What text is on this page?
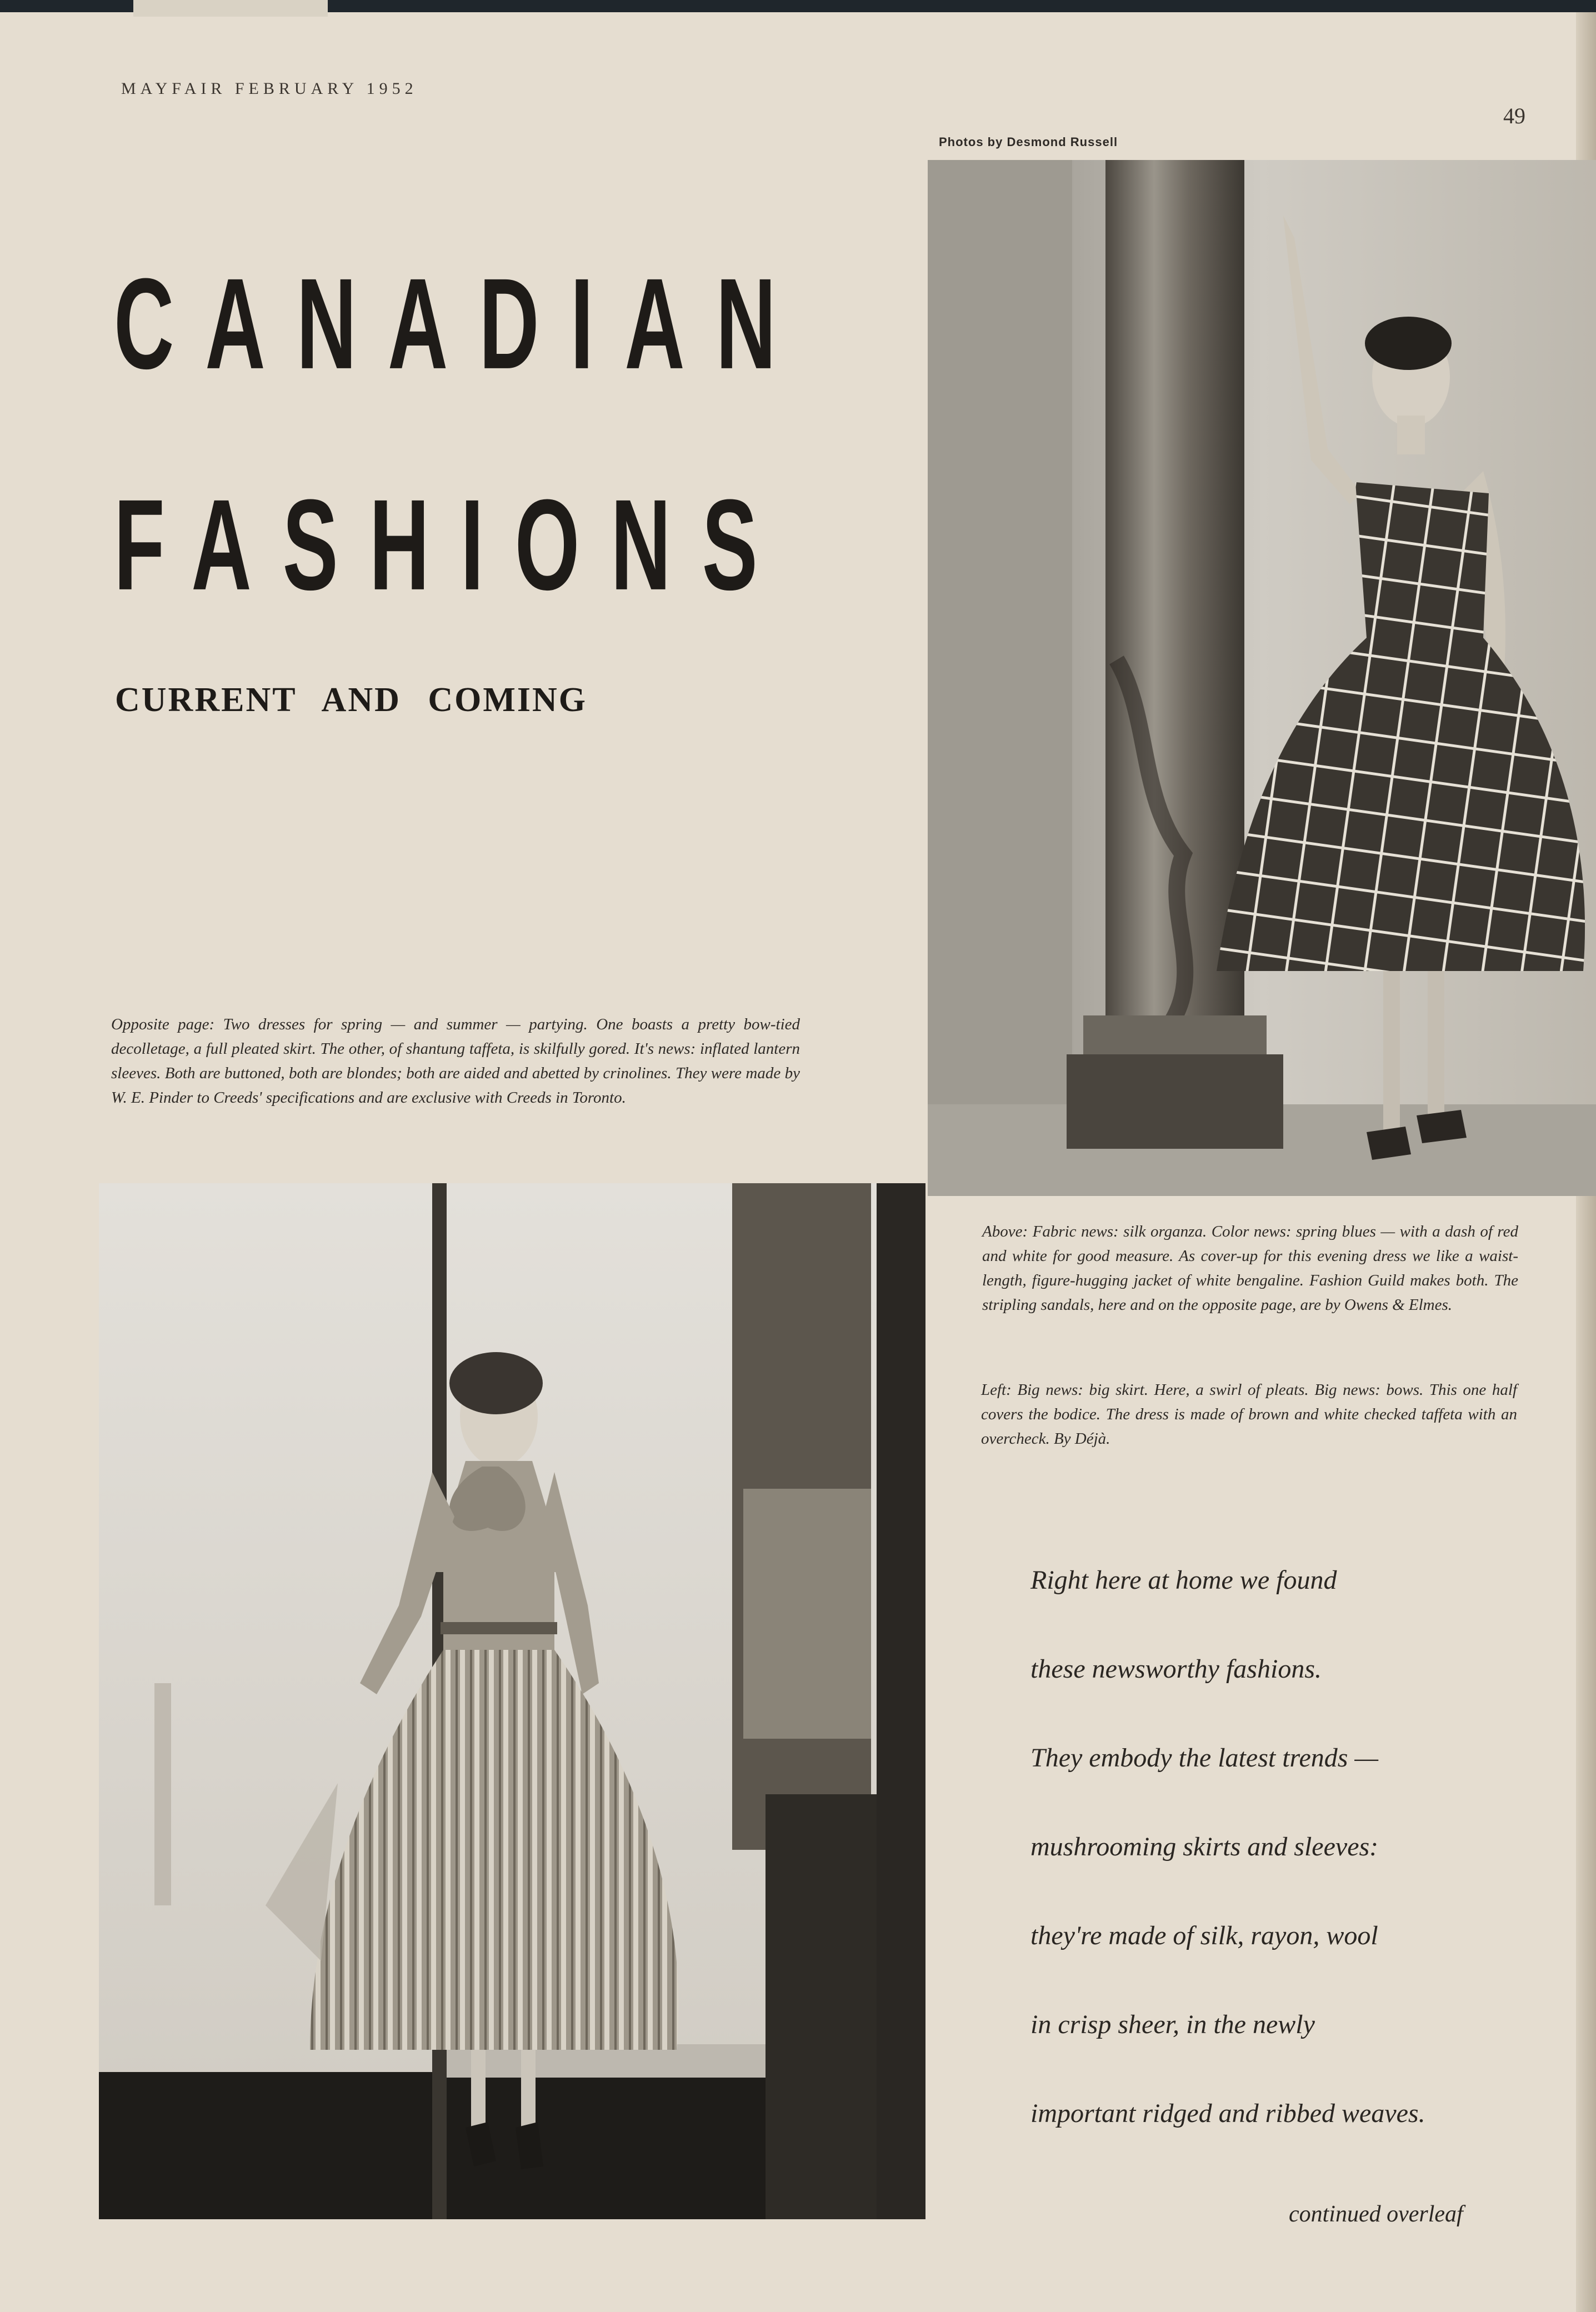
MAYFAIR FEBRUARY 1952
49
Photos by Desmond Russell
CANADIAN
FASHIONS
CURRENT AND COMING
Opposite page: Two dresses for spring — and summer — partying. One boasts a pretty bow-tied decolletage, a full pleated skirt. The other, of shantung taffeta, is skilfully gored. It's news: inflated lantern sleeves. Both are buttoned, both are blondes; both are aided and abetted by crinolines. They were made by W. E. Pinder to Creeds' specifications and are exclusive with Creeds in Toronto.
Above: Fabric news: silk organza. Color news: spring blues — with a dash of red and white for good measure. As cover-up for this evening dress we like a waist-length, figure-hugging jacket of white bengaline. Fashion Guild makes both. The stripling sandals, here and on the opposite page, are by Owens & Elmes.
Left: Big news: big skirt. Here, a swirl of pleats. Big news: bows. This one half covers the bodice. The dress is made of brown and white checked taffeta with an overcheck. By Déjà.
Right here at home we found
these newsworthy fashions.
They embody the latest trends —
mushrooming skirts and sleeves:
they're made of silk, rayon, wool
in crisp sheer, in the newly
important ridged and ribbed weaves.
continued overleaf
